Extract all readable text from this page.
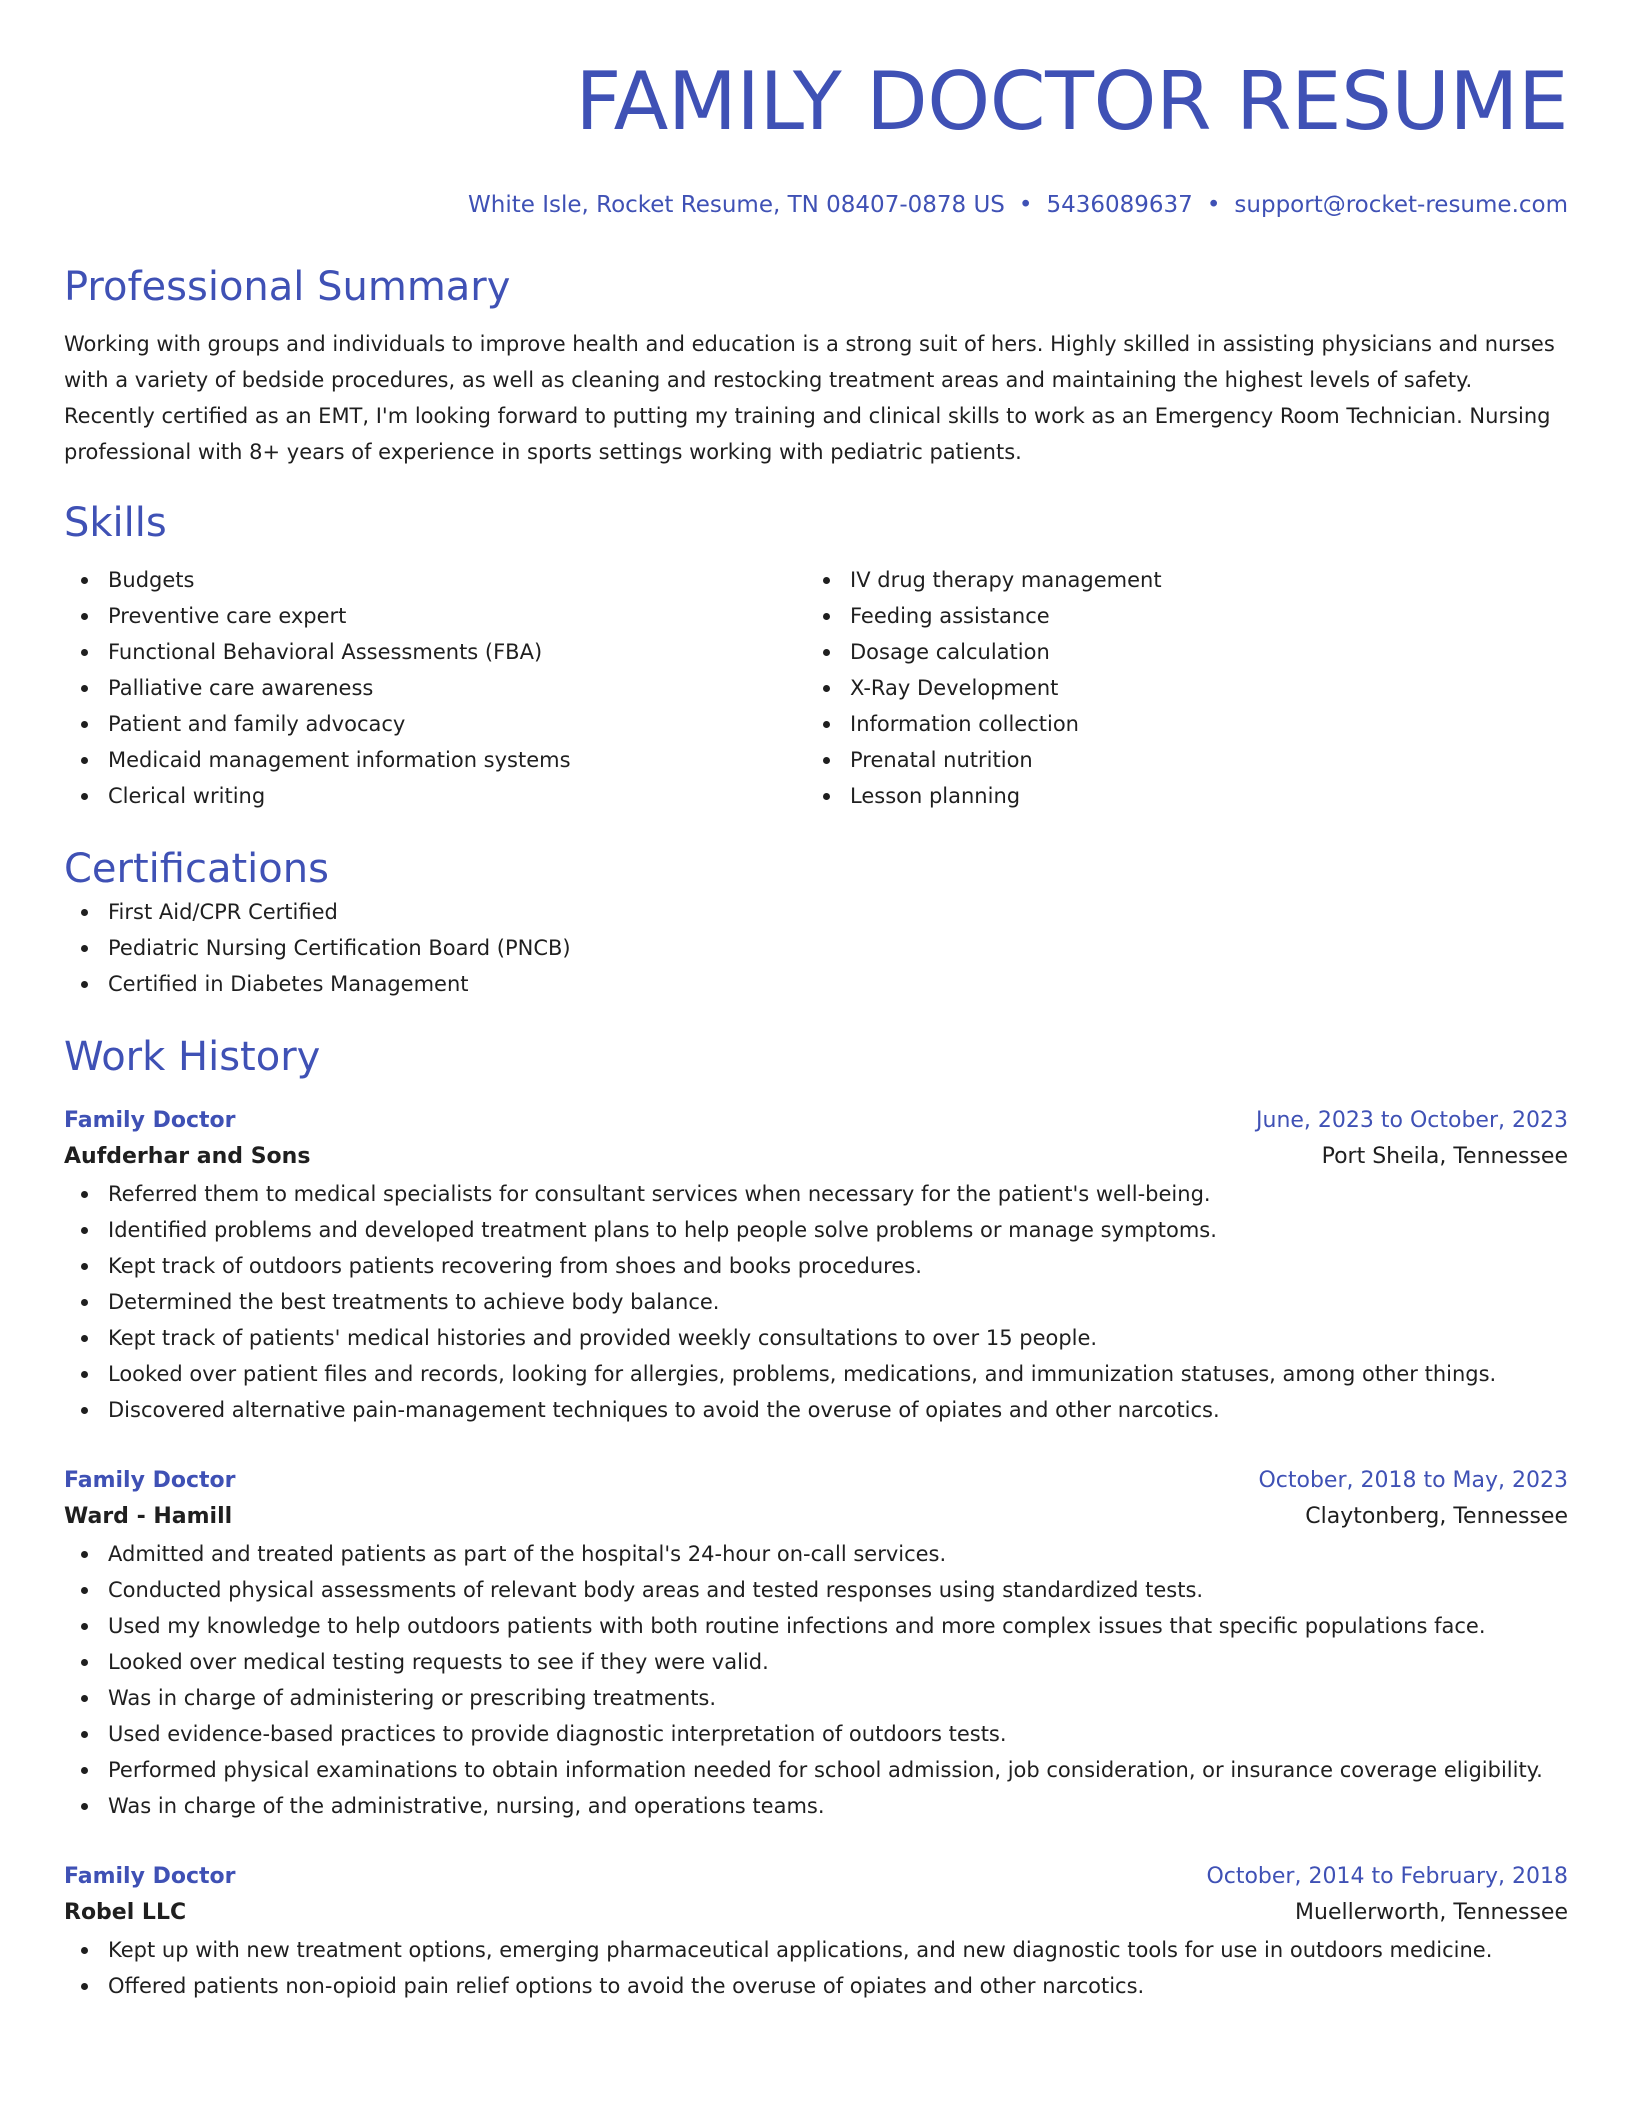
FAMILY DOCTOR RESUME
White Isle, Rocket Resume, TN 08407-0878 US • 5436089637 • support@rocket-resume.com
Professional Summary

Working with groups and individuals to improve health and education is a strong suit of hers. Highly skilled in assisting physicians and nurses with a variety of bedside procedures, as well as cleaning and restocking treatment areas and maintaining the highest levels of safety. Recently certified as an EMT, I'm looking forward to putting my training and clinical skills to work as an Emergency Room Technician. Nursing professional with 8+ years of experience in sports settings working with pediatric patients.

Skills
Budgets
Preventive care expert
Functional Behavioral Assessments (FBA)
Palliative care awareness
Patient and family advocacy
Medicaid management information systems
Clerical writing
IV drug therapy management
Feeding assistance
Dosage calculation
X-Ray Development
Information collection
Prenatal nutrition
Lesson planning
Certifications
First Aid/CPR Certified
Pediatric Nursing Certification Board (PNCB)
Certified in Diabetes Management
Work History
Family Doctor	June, 2023 to October, 2023
Aufderhar and Sons	Port Sheila, Tennessee
Referred them to medical specialists for consultant services when necessary for the patient's well-being.
Identified problems and developed treatment plans to help people solve problems or manage symptoms.
Kept track of outdoors patients recovering from shoes and books procedures.
Determined the best treatments to achieve body balance.
Kept track of patients' medical histories and provided weekly consultations to over 15 people.
Looked over patient files and records, looking for allergies, problems, medications, and immunization statuses, among other things.
Discovered alternative pain-management techniques to avoid the overuse of opiates and other narcotics.
Family Doctor	October, 2018 to May, 2023
Ward - Hamill	Claytonberg, Tennessee
Admitted and treated patients as part of the hospital's 24-hour on-call services.
Conducted physical assessments of relevant body areas and tested responses using standardized tests.
Used my knowledge to help outdoors patients with both routine infections and more complex issues that specific populations face.
Looked over medical testing requests to see if they were valid.
Was in charge of administering or prescribing treatments.
Used evidence-based practices to provide diagnostic interpretation of outdoors tests.
Performed physical examinations to obtain information needed for school admission, job consideration, or insurance coverage eligibility.
Was in charge of the administrative, nursing, and operations teams.
Family Doctor	October, 2014 to February, 2018
Robel LLC	Muellerworth, Tennessee
Kept up with new treatment options, emerging pharmaceutical applications, and new diagnostic tools for use in outdoors medicine.
Offered patients non-opioid pain relief options to avoid the overuse of opiates and other narcotics.
